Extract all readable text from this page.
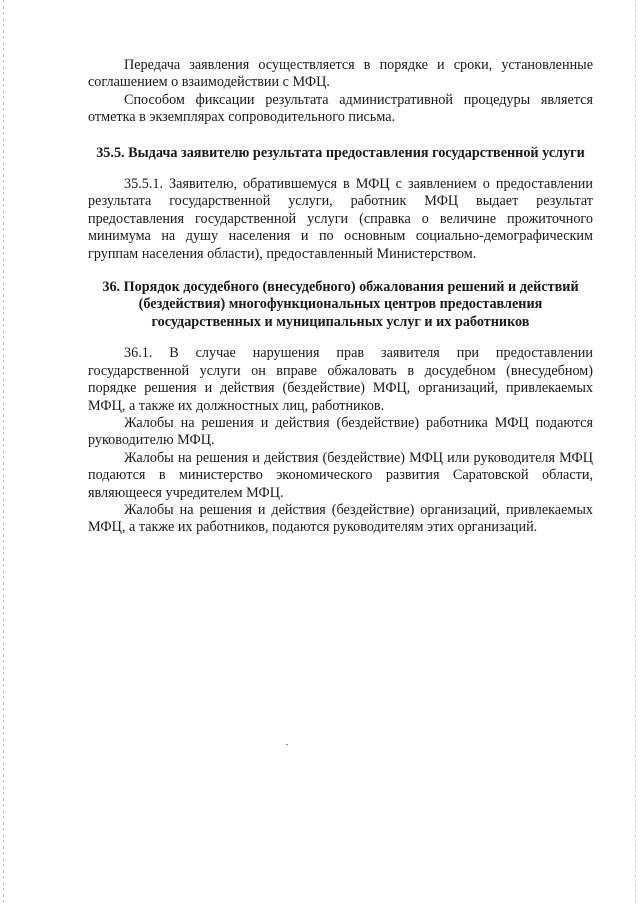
Передача заявления осуществляется в порядке и сроки, установленные соглашением о взаимодействии с МФЦ.

Способом фиксации результата административной процедуры является отметка в экземплярах сопроводительного письма.

35.5. Выдача заявителю результата предоставления государственной услуги

35.5.1. Заявителю, обратившемуся в МФЦ с заявлением о предоставлении результата государственной услуги, работник МФЦ выдает результат предоставления государственной услуги (справка о величине прожиточного минимума на душу населения и по основным социально-демографическим группам населения области), предоставленный Министерством.

36. Порядок досудебного (внесудебного) обжалования решений и действий (бездействия) многофункциональных центров предоставления государственных и муниципальных услуг и их работников

36.1. В случае нарушения прав заявителя при предоставлении государственной услуги он вправе обжаловать в досудебном (внесудебном) порядке решения и действия (бездействие) МФЦ, организаций, привлекаемых МФЦ, а также их должностных лиц, работников.

Жалобы на решения и действия (бездействие) работника МФЦ подаются руководителю МФЦ.

Жалобы на решения и действия (бездействие) МФЦ или руководителя МФЦ подаются в министерство экономического развития Саратовской области, являющееся учредителем МФЦ.

Жалобы на решения и действия (бездействие) организаций, привлекаемых МФЦ, а также их работников, подаются руководителям этих организаций.
